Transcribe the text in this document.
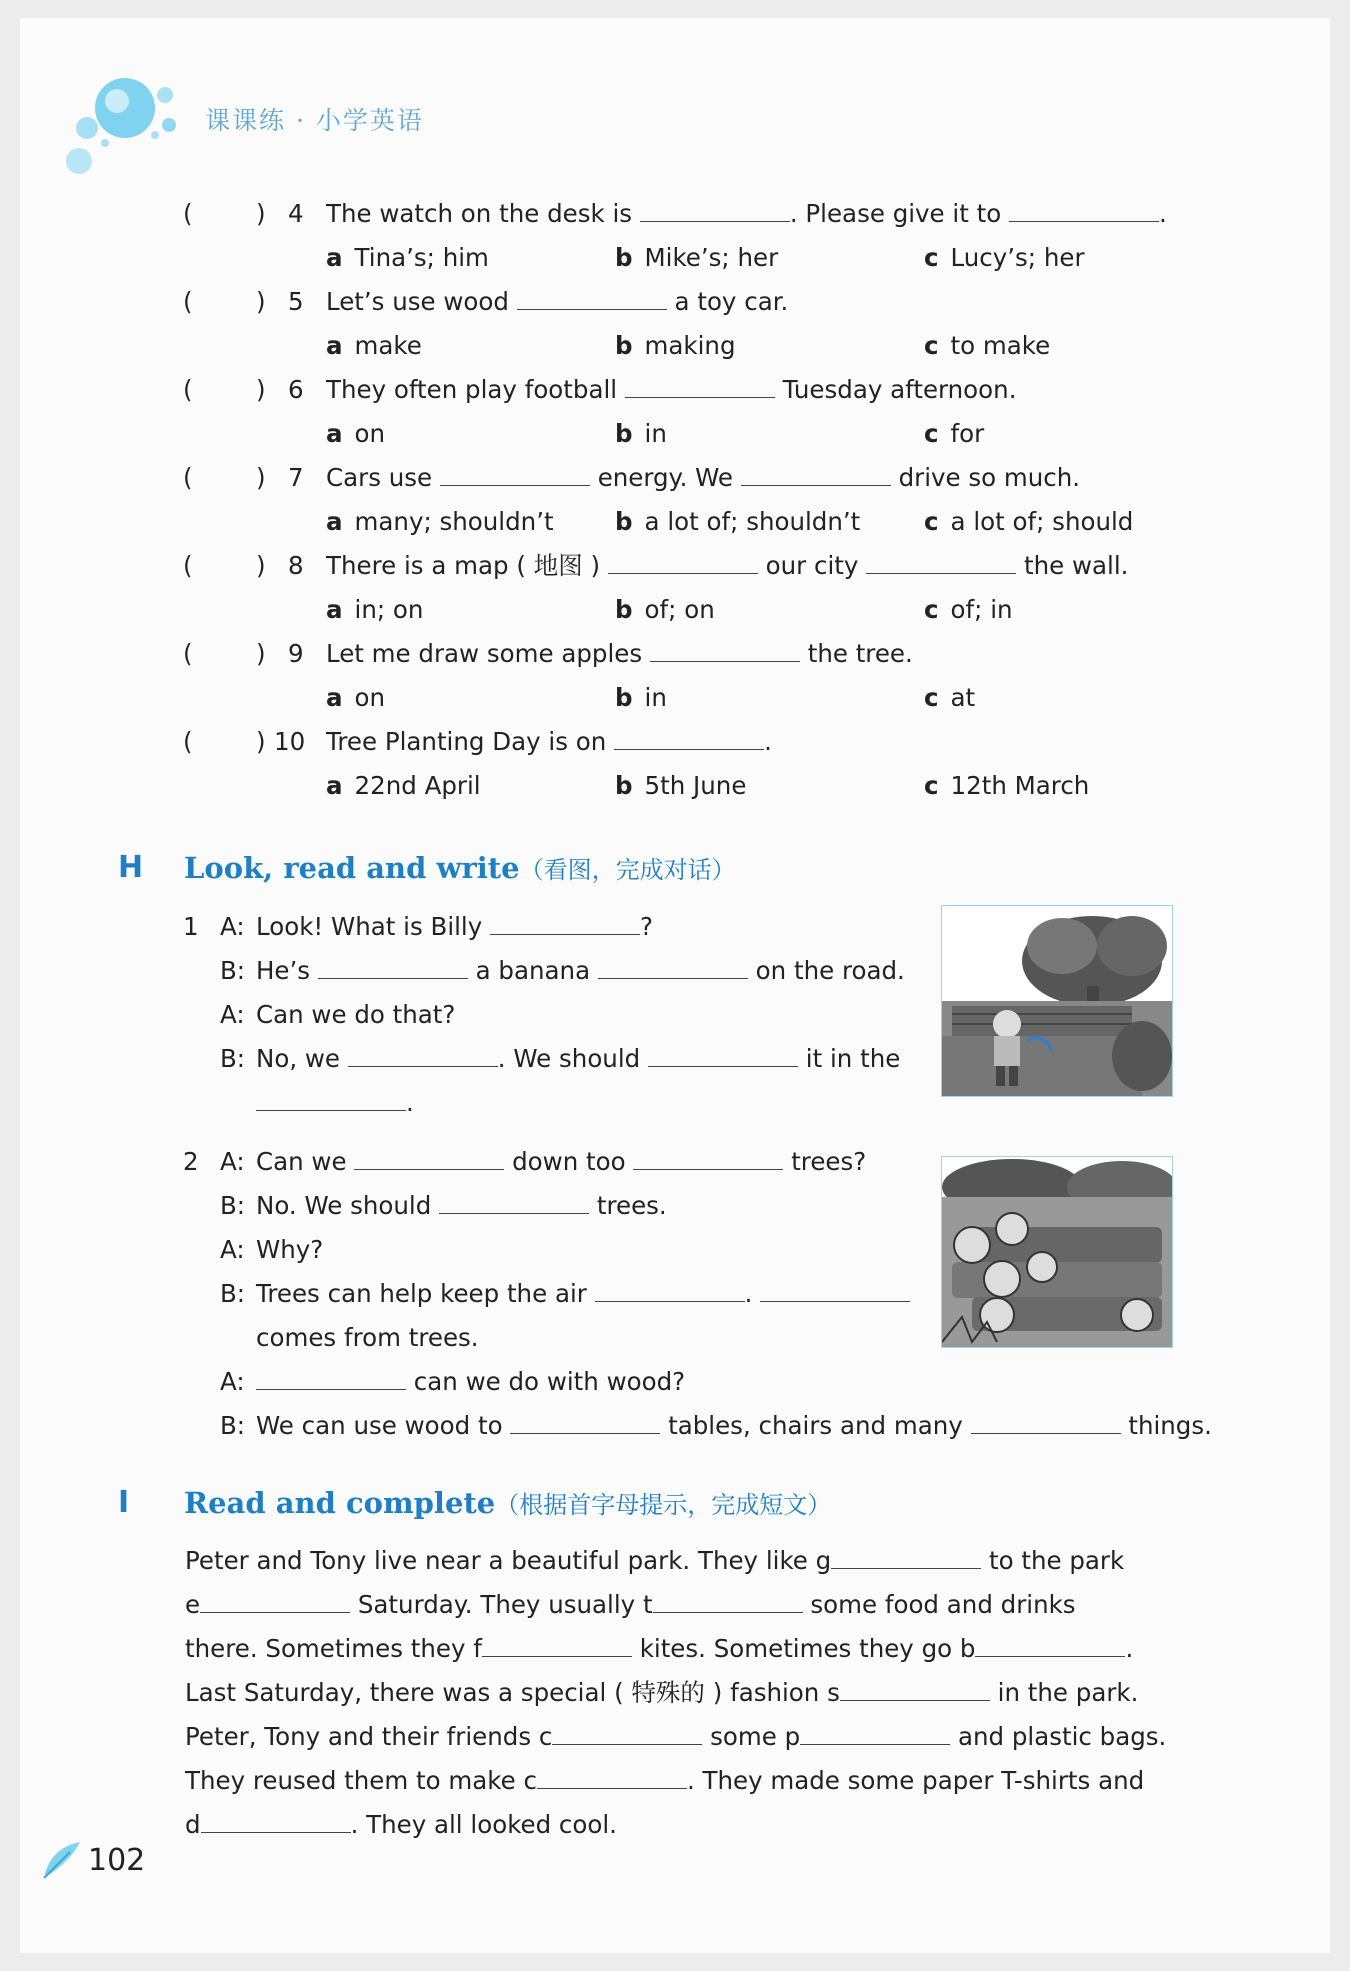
课课练 · 小学英语
H Look, read and write（看图，完成对话）
I Read and complete（根据首字母提示，完成短文）
102
(	) 4 The watch on the desk is	. Please give it to	.
a Tina’s; him	b Mike’s; her	c Lucy’s; her
(	) 5 Let’s use wood	a toy car.
a make	b making	c to make
(	) 6 They often play football	Tuesday afternoon.
a on	b in	c for
(	) 7 Cars use	energy. We	drive so much.
a many; shouldn’t	b a lot of; shouldn’t	c a lot of; should
(	) 8 There is a map ( 地图 )	our city	the wall.
a in; on	b of; on	c of; in
(	) 9 Let me draw some apples	the tree.
a on	b in	c at
(	) 10 Tree Planting Day is on	.
a 22nd April	b 5th June	c 12th March
1 A: Look! What is Billy	?
B: He’s	a banana	on the road.
A: Can we do that?
B: No, we	. We should	it in the
.
2 A: Can we	down too	trees?
B: No. We should	trees.
A: Why?
B: Trees can help keep the air	.
comes from trees.
A:	can we do with wood?
B: We can use wood to	tables, chairs and many	things.
Peter and Tony live near a beautiful park. They like g	to the park
e	Saturday. They usually t	some food and drinks
there. Sometimes they f	kites. Sometimes they go b	.
Last Saturday, there was a special ( 特殊的 ) fashion s	in the park.
Peter, Tony and their friends c	some p	and plastic bags.
They reused them to make c	. They made some paper T-shirts and
d	. They all looked cool.
